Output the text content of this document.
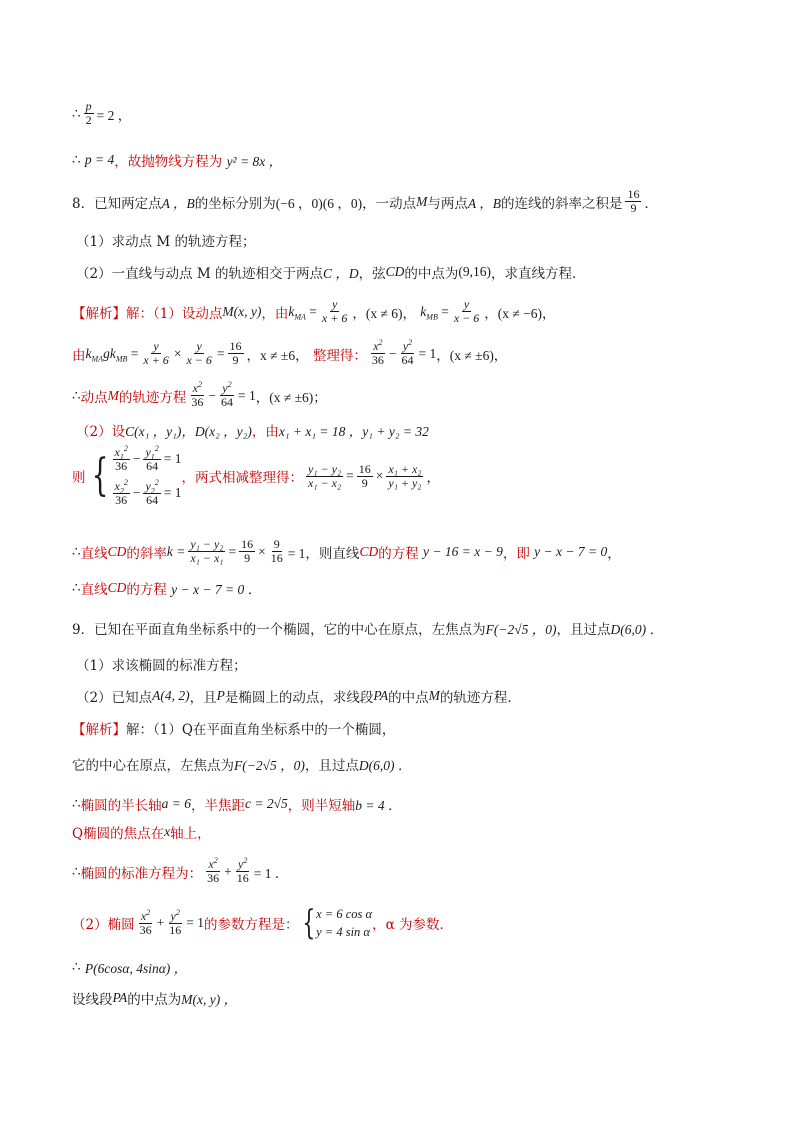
∴ $\frac{p}{2} = 2$ ，
∴
p = 4 ，故抛物线方程为
y² = 8x ，
8．已知两定点 A ，B 的坐标分别为 (−6 ，0)(6 ，0) ，一动点 M 与两点 A ，B 的连线的斜率之积是 $\frac{16}{9}$ ．
（1）求动点 M 的轨迹方程；
（2）一直线与动点 M 的轨迹相交于两点 C ，D ，弦 CD 的中点为 (9,16) ，求直线方程．
【解析】 解：（1）设动点 M(x, y) ，由 $k_{MA} = \frac{y}{x + 6}$ ，(x ≠ 6)，
$k_{MB} = \frac{y}{x - 6}$ ，(x ≠ −6)，
由 $k_{MA}$ g $k_{MB} = \frac{y}{x + 6} \times \frac{y}{x - 6} = \frac{16}{9}$ ，x ≠ ±6，
整理得： $\frac{x^2}{36} - \frac{y^2}{64} = 1$ ，(x ≠ ±6)，
∴ 动点 M 的轨迹方程 $\frac{x^2}{36} - \frac{y^2}{64} = 1$ ，(x ≠ ±6)；
（2）设 C(x₁ ，y₁)，D(x₂ ，y₂) ，由 x₁ + x₁ = 18 ，y₁ + y₂ = 32
则 { $\frac{x_1^2}{36} - \frac{y_1^2}{64} = 1$
$\frac{x_2^2}{36} - \frac{y_2^2}{64} = 1$
，两式相减整理得： $\frac{\text{y₁ − y₂}}{\text{x₁ − x₂}} = \frac{16}{9} \times \frac{\text{x₁ + x₂}}{\text{y₁ + y₂}}$ ，
∴ 直线 CD 的斜率 $k = \frac{\text{y₁ − y₂}}{\text{x₁ − x₁}} = \frac{16}{9} \times \frac{9}{16} = 1$，则直线 CD 的方程
y − 16 = x − 9 ，即
y − x − 7 = 0 ，
∴ 直线 CD 的方程
y − x − 7 = 0 ．
9．已知在平面直角坐标系中的一个椭圆，它的中心在原点，左焦点为 F(−2√5 ，0) ，且过点 D(6,0) ．
（1）求该椭圆的标准方程；
（2）已知点 A(4, 2) ，且 P 是椭圆上的动点，求线段 PA 的中点 M 的轨迹方程．
【解析】 解：（1）Q在平面直角坐标系中的一个椭圆，
它的中心在原点，左焦点为 F(−2√5 ，0) ，且过点 D(6,0) ．
∴ 椭圆的半长轴 a = 6 ，半焦距 c = 2√5 ，则半短轴 b = 4 ．
Q椭圆的焦点在 x 轴上，
∴ 椭圆的标准方程为： $\frac{x^2}{36} + \frac{y^2}{16} = 1$ ．
（2）椭圆 $\frac{x^2}{36} + \frac{y^2}{16} = 1$ 的参数方程是： { x = 6 cos α
y = 4 sin α ，α 为参数．
∴
P(6cosα, 4sinα) ，
设线段 PA 的中点为 M(x, y) ，
